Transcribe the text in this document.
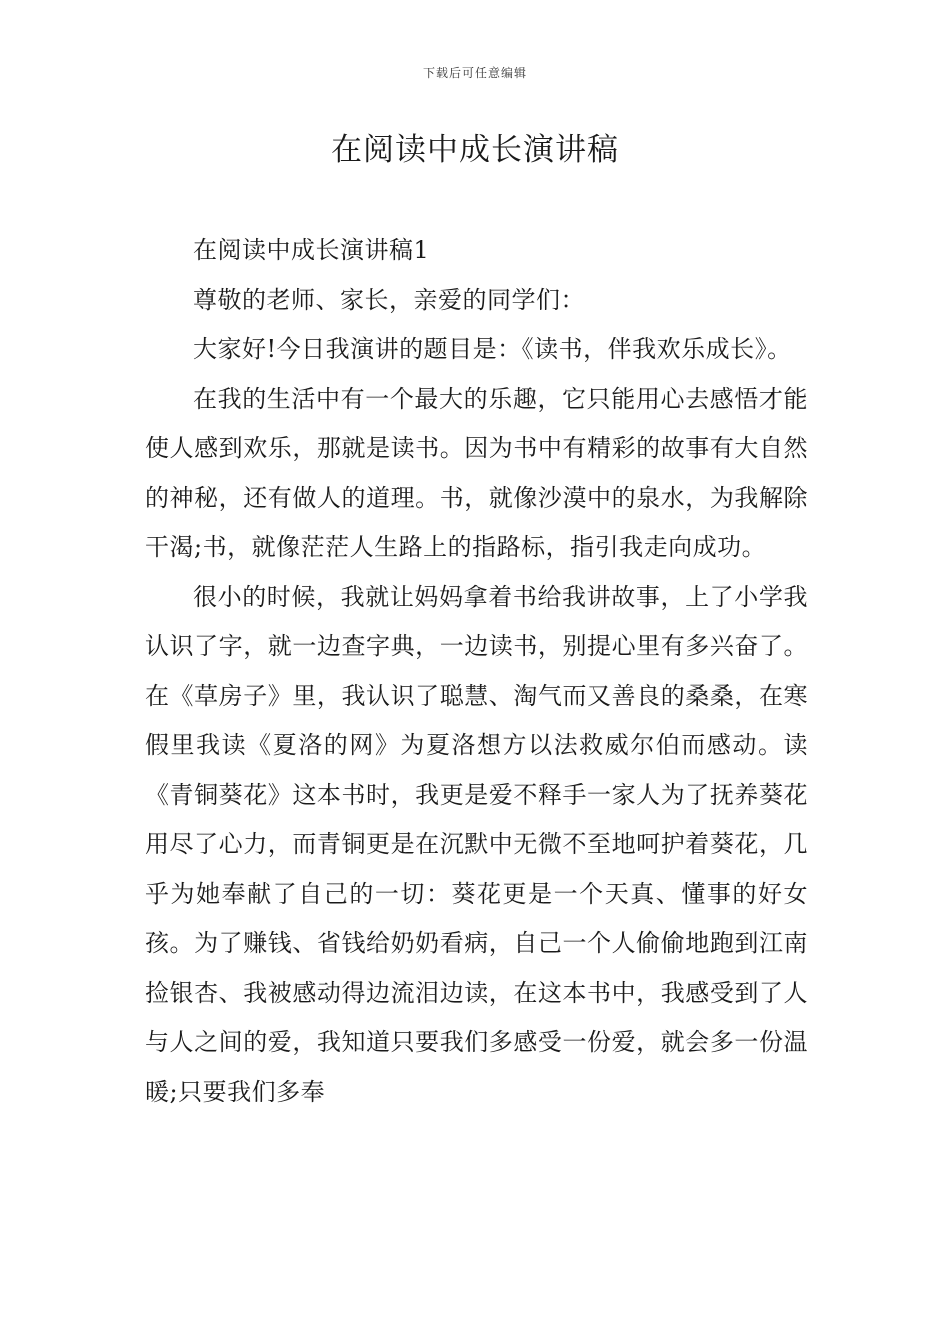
下载后可任意编辑
在阅读中成长演讲稿

在阅读中成长演讲稿1

尊敬的老师、家长，亲爱的同学们：

大家好!今日我演讲的题目是：《读书，伴我欢乐成长》。

在我的生活中有一个最大的乐趣，它只能用心去感悟才能使人感到欢乐，那就是读书。因为书中有精彩的故事有大自然的神秘，还有做人的道理。书，就像沙漠中的泉水，为我解除干渴;书，就像茫茫人生路上的指路标，指引我走向成功。

很小的时候，我就让妈妈拿着书给我讲故事，上了小学我认识了字，就一边查字典，一边读书，别提心里有多兴奋了。在《草房子》里，我认识了聪慧、淘气而又善良的桑桑，在寒假里我读《夏洛的网》为夏洛想方以法救威尔伯而感动。读《青铜葵花》这本书时，我更是爱不释手一家人为了抚养葵花用尽了心力，而青铜更是在沉默中无微不至地呵护着葵花，几乎为她奉献了自己的一切：葵花更是一个天真、懂事的好女孩。为了赚钱、省钱给奶奶看病，自己一个人偷偷地跑到江南捡银杏、我被感动得边流泪边读，在这本书中，我感受到了人与人之间的爱，我知道只要我们多感受一份爱，就会多一份温暖;只要我们多奉
